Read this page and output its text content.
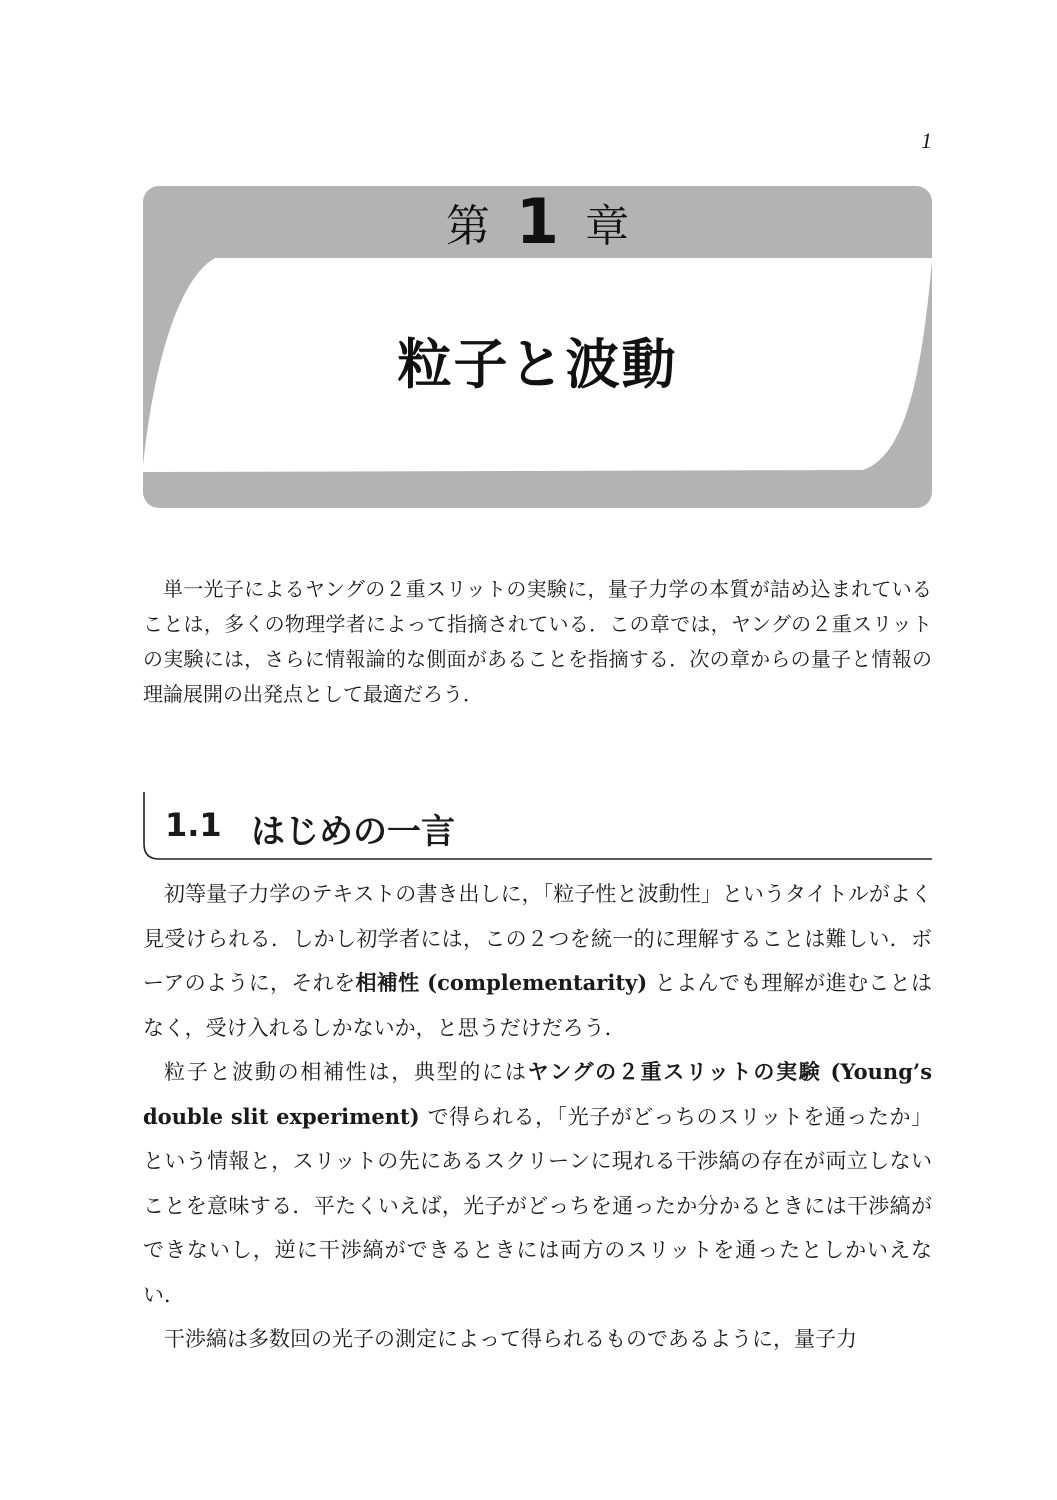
1
第 1 章
粒子と波動

単一光子によるヤングの２重スリットの実験に，量子力学の本質が詰め込まれていることは，多くの物理学者によって指摘されている．この章では，ヤングの２重スリットの実験には，さらに情報論的な側面があることを指摘する．次の章からの量子と情報の理論展開の出発点として最適だろう．

1.1 はじめの一言

初等量子力学のテキストの書き出しに，「粒子性と波動性」というタイトルがよく見受けられる．しかし初学者には，この２つを統一的に理解することは難しい．ボーアのように，それを相補性 (complementarity) とよんでも理解が進むことはなく，受け入れるしかないか，と思うだけだろう．

粒子と波動の相補性は，典型的にはヤングの２重スリットの実験 (Young’s double slit experiment) で得られる，「光子がどっちのスリットを通ったか」という情報と，スリットの先にあるスクリーンに現れる干渉縞の存在が両立しないことを意味する．平たくいえば，光子がどっちを通ったか分かるときには干渉縞ができないし，逆に干渉縞ができるときには両方のスリットを通ったとしかいえない．

干渉縞は多数回の光子の測定によって得られるものであるように，量子力
